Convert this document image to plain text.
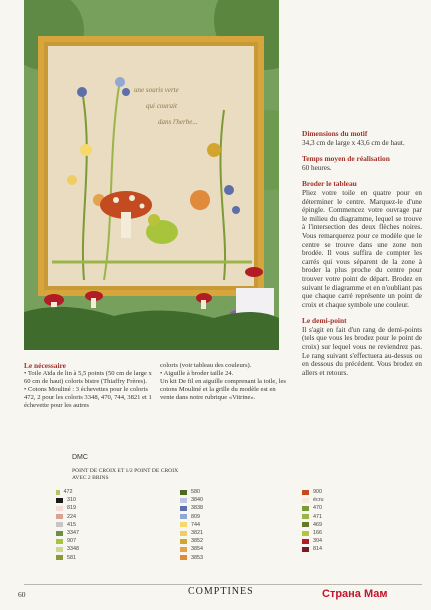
une souris verte
qui courait
dans l'herbe...
Dimensions du motif
34,3 cm de large x 43,6 cm de haut.
Temps moyen de réalisation
60 heures.
Broder le tableau
Pliez votre toile en quatre pour en déterminer le centre. Marquez-le d'une épingle. Commencez votre ouvrage par le milieu du diagramme, lequel se trouve à l'intersection des deux flèches noires. Vous remarquerez pour ce modèle que le centre se trouve dans une zone non brodée. Il vous suffira de compter les carrés qui vous séparent de la zone à broder la plus proche du centre pour trouver votre point de départ. Brodez en suivant le diagramme et en n'oubliant pas que chaque carré représente un point de croix et chaque symbole une couleur.
Le demi-point
Il s'agit en fait d'un rang de demi-points (tels que vous les brodez pour le point de croix) sur lequel vous ne reviendrez pas. Le rang suivant s'effectuera au-dessus ou en dessous du précédent. Vous brodez en allers et retours.
Le nécessaire
• Toile Aïda de lin à 5,5 points (50 cm de large x 60 cm de haut) coloris bistre (Thiaffry Frères).
• Cotons Mouliné : 3 échevettes pour le coloris 472, 2 pour les coloris 3348, 470, 744, 3821 et 1 échevette pour les autres
coloris (voir tableau des couleurs).
• Aiguille à broder taille 24.
Un kit De fil en aiguille comprenant la toile, les cotons Mouliné et la grille du modèle est en vente dans notre rubrique «Vitrine».
DMC
POINT DE CROIX ET 1/2 POINT DE CROIX AVEC 2 BRINS
472
310
819
224
415
3347
907
3348
581
580
3840
3838
809
744
3821
3852
3854
3853
900
écru
470
471
469
166
304
814
60	COMPTINES	Страна Мам
